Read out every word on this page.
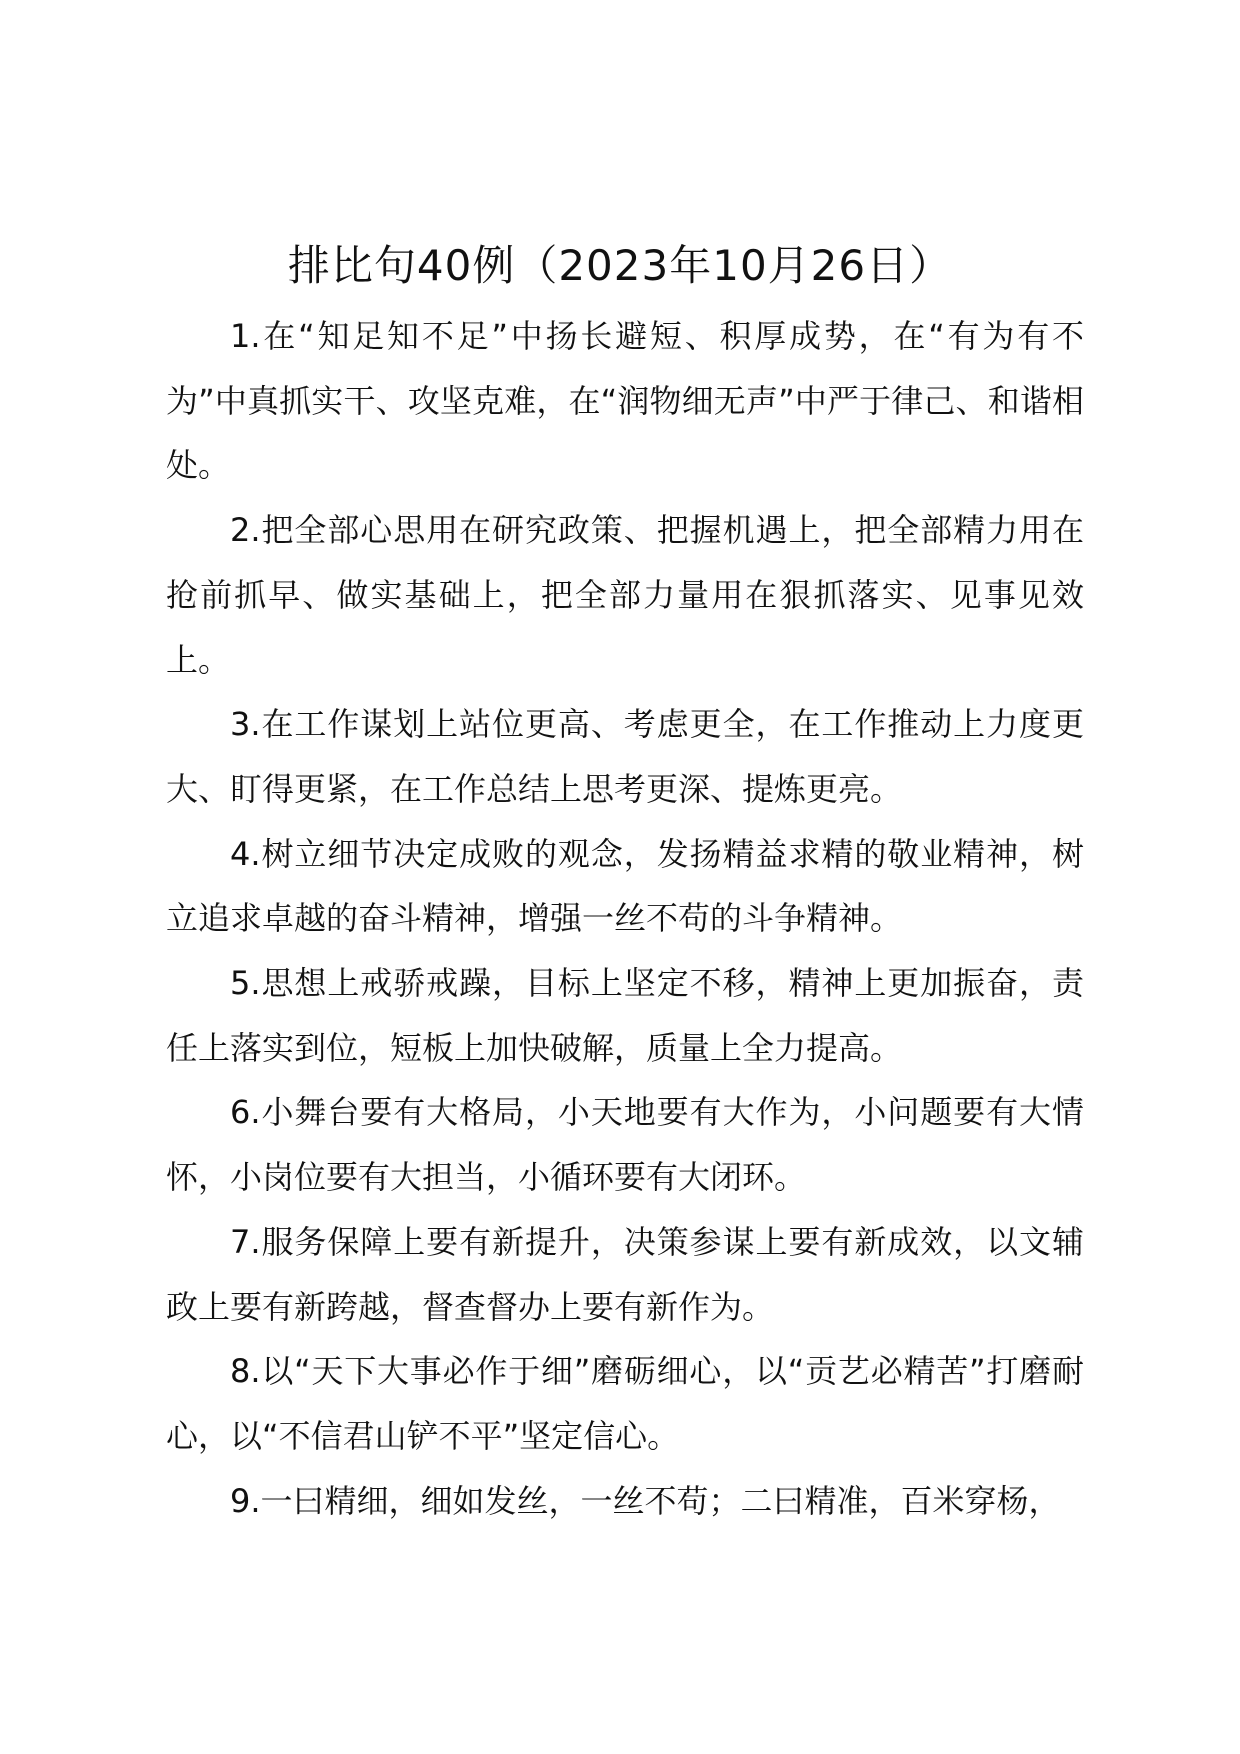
排比句40例（2023年10月26日）

1.在“知足知不足”中扬长避短、积厚成势，在“有为有不为”中真抓实干、攻坚克难，在“润物细无声”中严于律己、和谐相处。

2.把全部心思用在研究政策、把握机遇上，把全部精力用在抢前抓早、做实基础上，把全部力量用在狠抓落实、见事见效上。

3.在工作谋划上站位更高、考虑更全，在工作推动上力度更大、盯得更紧，在工作总结上思考更深、提炼更亮。

4.树立细节决定成败的观念，发扬精益求精的敬业精神，树立追求卓越的奋斗精神，增强一丝不苟的斗争精神。

5.思想上戒骄戒躁，目标上坚定不移，精神上更加振奋，责任上落实到位，短板上加快破解，质量上全力提高。

6.小舞台要有大格局，小天地要有大作为，小问题要有大情怀，小岗位要有大担当，小循环要有大闭环。

7.服务保障上要有新提升，决策参谋上要有新成效，以文辅政上要有新跨越，督查督办上要有新作为。

8.以“天下大事必作于细”磨砺细心，以“贡艺必精苦”打磨耐心，以“不信君山铲不平”坚定信心。

9.一曰精细，细如发丝，一丝不苟；二曰精准，百米穿杨，
